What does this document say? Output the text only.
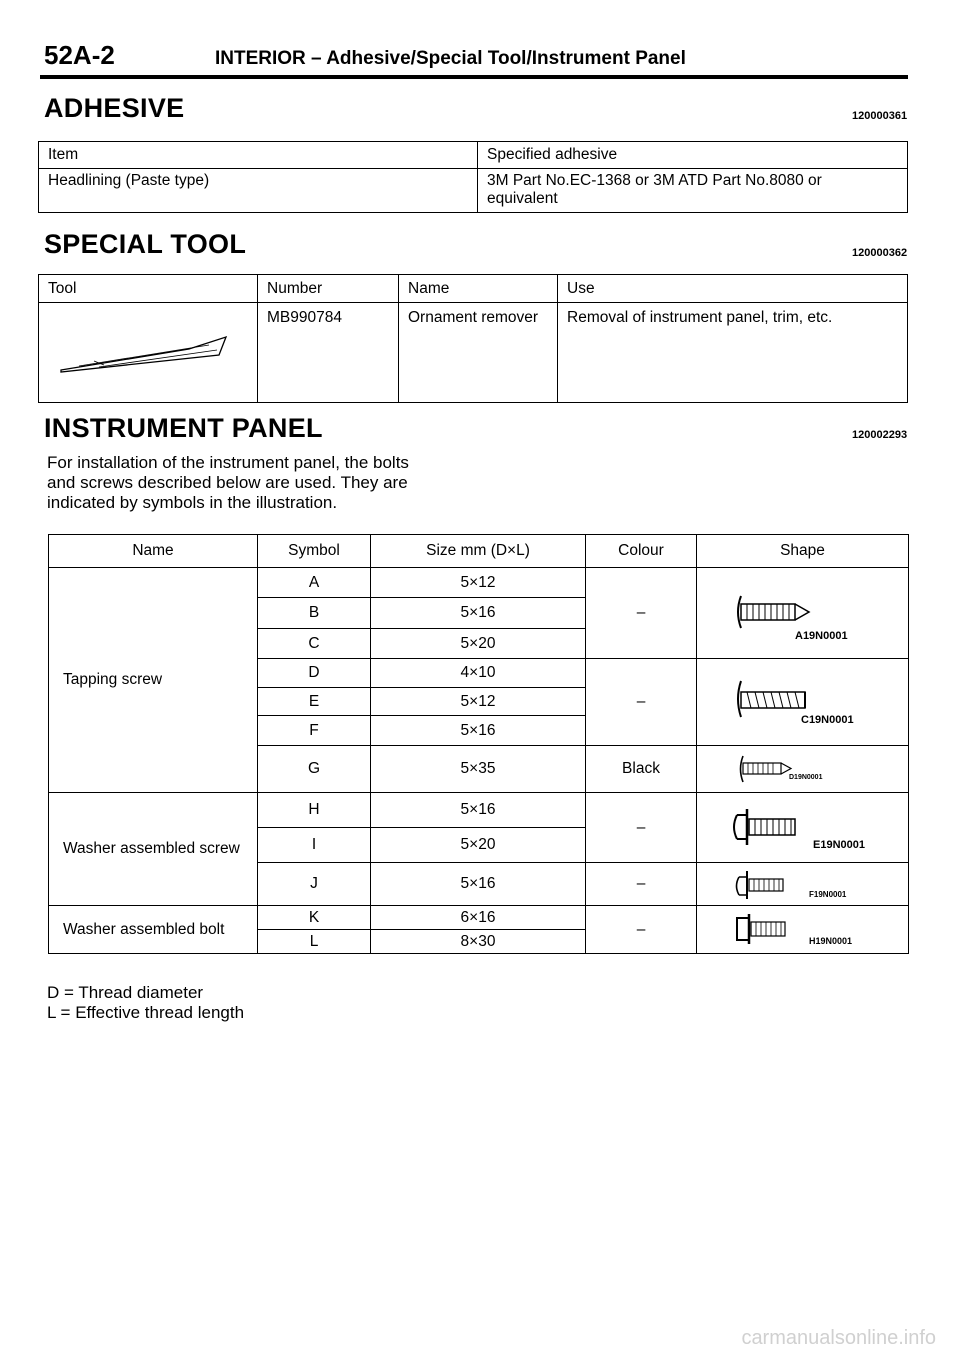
52A-2	INTERIOR – Adhesive/Special Tool/Instrument Panel
ADHESIVE	120000361
Item	Specified adhesive
Headlining (Paste type)	3M Part No.EC-1368 or 3M ATD Part No.8080 or
equivalent
SPECIAL TOOL	120000362
Tool	Number	Name	Use
	MB990784	Ornament remover	Removal of instrument panel, trim, etc.
INSTRUMENT PANEL	120002293
For installation of the instrument panel, the bolts
and screws described below are used. They are
indicated by symbols in the illustration.
Name	Symbol	Size mm (D×L)	Colour	Shape
Tapping screw	A	5×12	–	A19N0001

	B	5×16		
	C	5×20		
	D	4×10	–	C19N0001

	E	5×12		
	F	5×16		
	G	5×35	Black	D19N0001

Washer assembled screw	H	5×16	–	E19N0001

	I	5×20		
	J	5×16	–	F19N0001

Washer assembled bolt	K	6×16	–	H19N0001

	L	8×30		
D = Thread diameter
L = Effective thread length
carmanualsonline.info
